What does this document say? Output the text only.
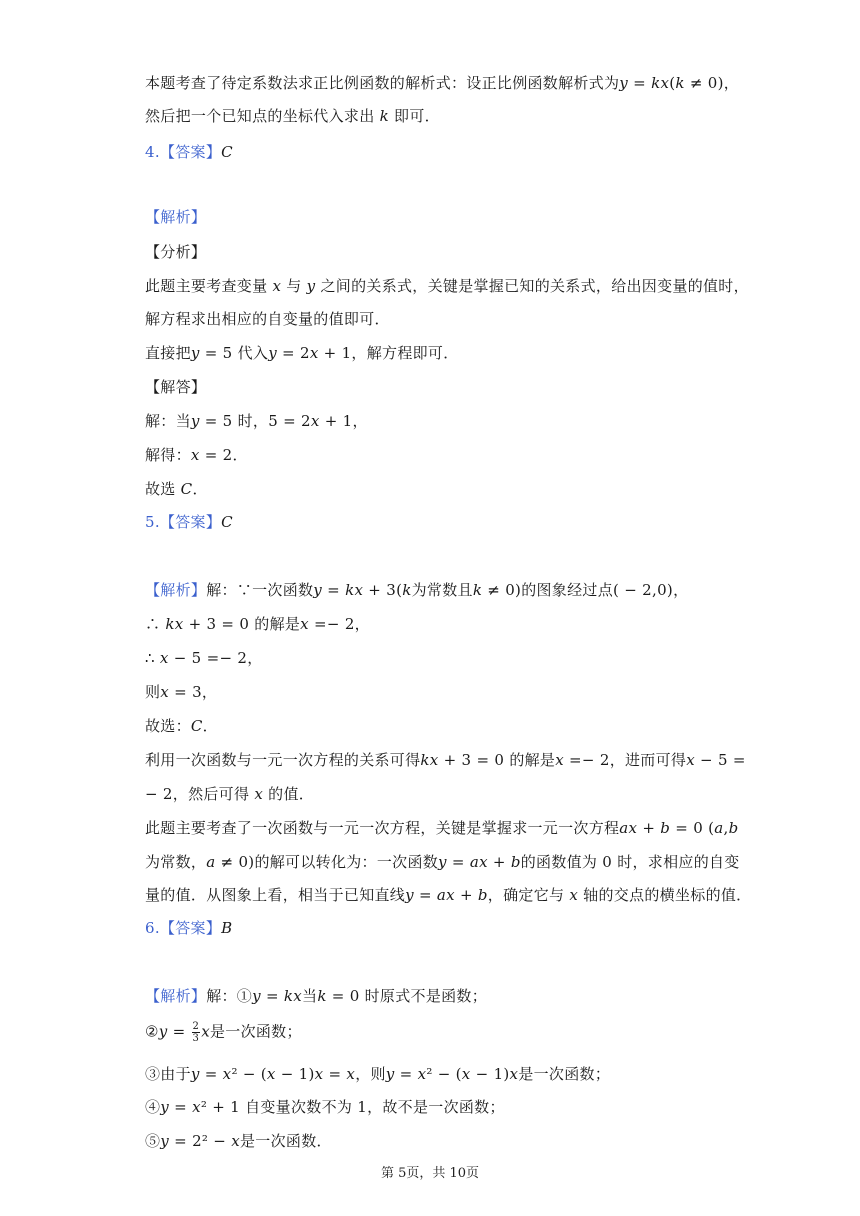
本题考查了待定系数法求正比例函数的解析式：设正比例函数解析式为𝑦 = 𝑘𝑥(𝑘 ≠ 0)，
然后把一个已知点的坐标代入求出 𝑘 即可．
4.【答案】C
【解析】
【分析】
此题主要考查变量 𝑥 与 𝑦 之间的关系式，关键是掌握已知的关系式，给出因变量的值时，
解方程求出相应的自变量的值即可．
直接把𝑦 = 5 代入𝑦 = 2𝑥 + 1，解方程即可．
【解答】
解：当𝑦 = 5 时，5 = 2𝑥 + 1，
解得：𝑥 = 2．
故选 𝐶．
5.【答案】C
【解析】解：∵一次函数𝑦 = 𝑘𝑥 + 3(𝑘为常数且𝑘 ≠ 0)的图象经过点( − 2,0)，
∴ 𝑘𝑥 + 3 = 0 的解是𝑥 =− 2，
∴ 𝑥 − 5 =− 2，
则𝑥 = 3，
故选：𝐶．
利用一次函数与一元一次方程的关系可得𝑘𝑥 + 3 = 0 的解是𝑥 =− 2，进而可得𝑥 − 5 =
− 2，然后可得 𝑥 的值．
此题主要考查了一次函数与一元一次方程，关键是掌握求一元一次方程𝑎𝑥 + 𝑏 = 0 (𝑎,𝑏
为常数，𝑎 ≠ 0)的解可以转化为：一次函数𝑦 = 𝑎𝑥 + 𝑏的函数值为 0 时，求相应的自变
量的值．从图象上看，相当于已知直线𝑦 = 𝑎𝑥 + 𝑏，确定它与 𝑥 轴的交点的横坐标的值．
6.【答案】B
【解析】解：①𝑦 = 𝑘𝑥当𝑘 = 0 时原式不是函数；
②𝑦 = $\frac{2}{3}$ 𝑥是一次函数；
③由于𝑦 = 𝑥² − (𝑥 − 1)𝑥 = 𝑥，则𝑦 = 𝑥² − (𝑥 − 1)𝑥是一次函数；
④𝑦 = 𝑥² + 1 自变量次数不为 1，故不是一次函数；
⑤𝑦 = 2² − 𝑥是一次函数．
第 5页，共 10页
